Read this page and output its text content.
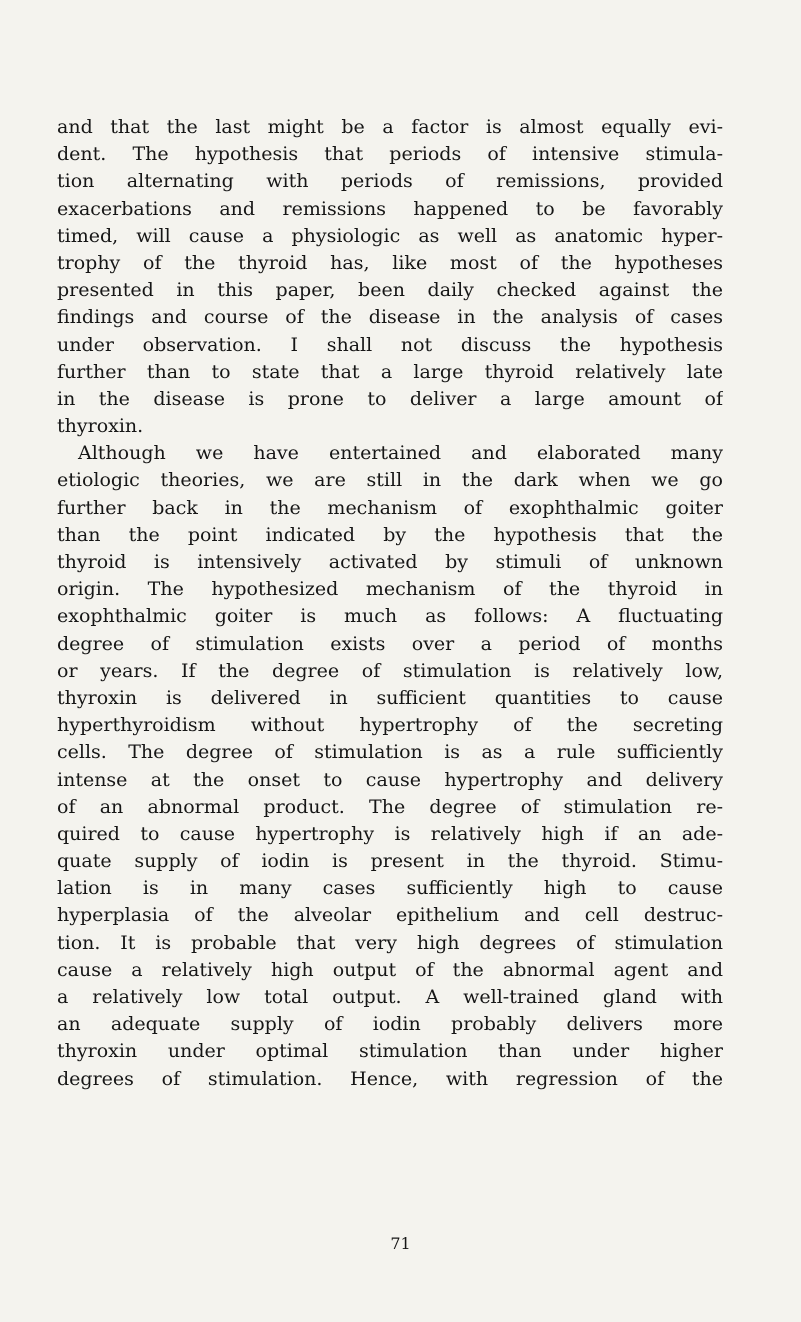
and that the last might be a factor is almost equally evi-
dent. The hypothesis that periods of intensive stimula-
tion alternating with periods of remissions, provided
exacerbations and remissions happened to be favorably
timed, will cause a physiologic as well as anatomic hyper-
trophy of the thyroid has, like most of the hypotheses
presented in this paper, been daily checked against the
findings and course of the disease in the analysis of cases
under observation. I shall not discuss the hypothesis
further than to state that a large thyroid relatively late
in the disease is prone to deliver a large amount of
thyroxin.
Although we have entertained and elaborated many
etiologic theories, we are still in the dark when we go
further back in the mechanism of exophthalmic goiter
than the point indicated by the hypothesis that the
thyroid is intensively activated by stimuli of unknown
origin. The hypothesized mechanism of the thyroid in
exophthalmic goiter is much as follows: A fluctuating
degree of stimulation exists over a period of months
or years. If the degree of stimulation is relatively low,
thyroxin is delivered in sufficient quantities to cause
hyperthyroidism without hypertrophy of the secreting
cells. The degree of stimulation is as a rule sufficiently
intense at the onset to cause hypertrophy and delivery
of an abnormal product. The degree of stimulation re-
quired to cause hypertrophy is relatively high if an ade-
quate supply of iodin is present in the thyroid. Stimu-
lation is in many cases sufficiently high to cause
hyperplasia of the alveolar epithelium and cell destruc-
tion. It is probable that very high degrees of stimulation
cause a relatively high output of the abnormal agent and
a relatively low total output. A well-trained gland with
an adequate supply of iodin probably delivers more
thyroxin under optimal stimulation than under higher
degrees of stimulation. Hence, with regression of the
71
